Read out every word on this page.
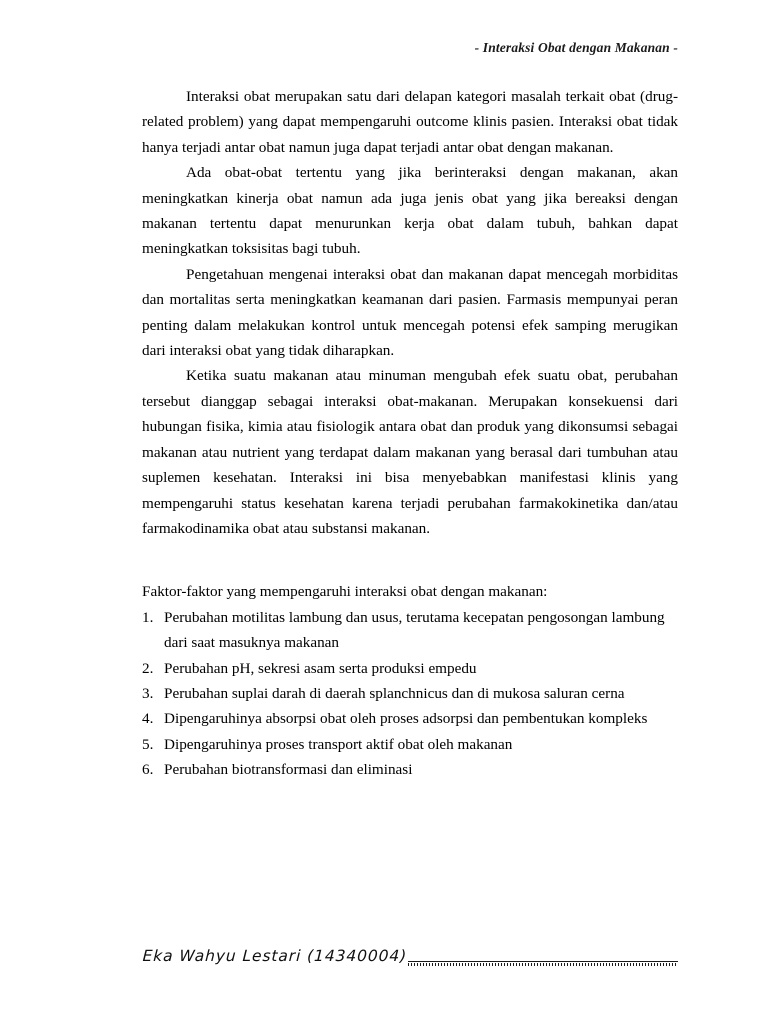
- Interaksi Obat dengan Makanan -

Interaksi obat merupakan satu dari delapan kategori masalah terkait obat (drug-related problem) yang dapat mempengaruhi outcome klinis pasien. Interaksi obat tidak hanya terjadi antar obat namun juga dapat terjadi antar obat dengan makanan.

Ada obat-obat tertentu yang jika berinteraksi dengan makanan, akan meningkatkan kinerja obat namun ada juga jenis obat yang jika bereaksi dengan makanan tertentu dapat menurunkan kerja obat dalam tubuh, bahkan dapat meningkatkan toksisitas bagi tubuh.

Pengetahuan mengenai interaksi obat dan makanan dapat mencegah morbiditas dan mortalitas serta meningkatkan keamanan dari pasien. Farmasis mempunyai peran penting dalam melakukan kontrol untuk mencegah potensi efek samping merugikan dari interaksi obat yang tidak diharapkan.

Ketika suatu makanan atau minuman mengubah efek suatu obat, perubahan tersebut dianggap sebagai interaksi obat-makanan. Merupakan konsekuensi dari hubungan fisika, kimia atau fisiologik antara obat dan produk yang dikonsumsi sebagai makanan atau nutrient yang terdapat dalam makanan yang berasal dari tumbuhan atau suplemen kesehatan. Interaksi ini bisa menyebabkan manifestasi klinis yang mempengaruhi status kesehatan karena terjadi perubahan farmakokinetika dan/atau farmakodinamika obat atau substansi makanan.

Faktor-faktor yang mempengaruhi interaksi obat dengan makanan:

1. Perubahan motilitas lambung dan usus, terutama kecepatan pengosongan lambung dari saat masuknya makanan
2. Perubahan pH, sekresi asam serta produksi empedu
3. Perubahan suplai darah di daerah splanchnicus dan di mukosa saluran cerna
4. Dipengaruhinya absorpsi obat oleh proses adsorpsi dan pembentukan kompleks
5. Dipengaruhinya proses transport aktif obat oleh makanan
6. Perubahan biotransformasi dan eliminasi
Eka Wahyu Lestari (14340004)
